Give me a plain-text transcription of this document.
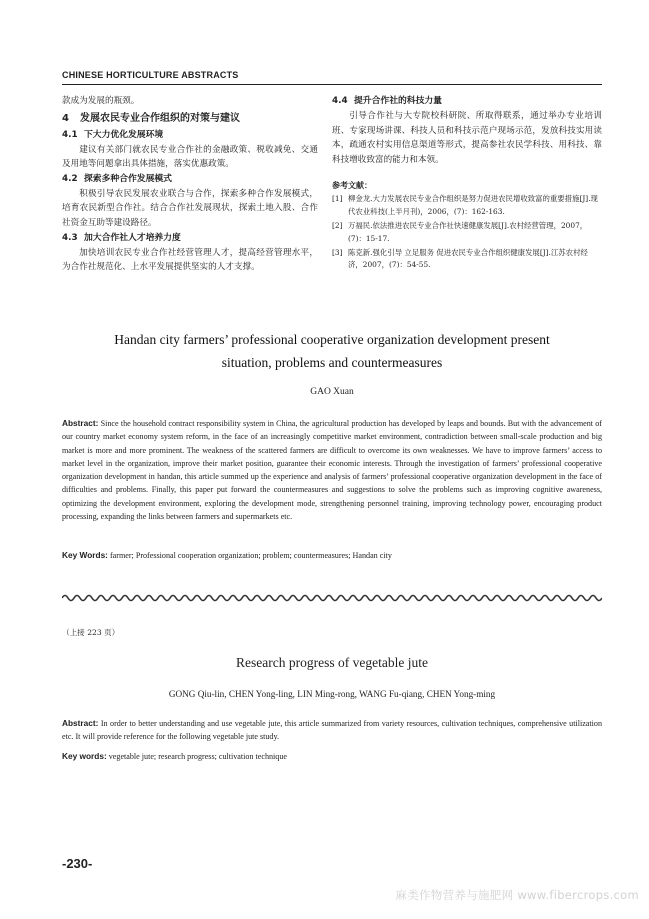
CHINESE HORTICULTURE ABSTRACTS

款成为发展的瓶颈。

4 发展农民专业合作组织的对策与建议
4.1 下大力优化发展环境

建议有关部门就农民专业合作社的金融政策、税收减免、交通及用地等问题拿出具体措施，落实优惠政策。

4.2 探索多种合作发展模式

积极引导农民发展农业联合与合作，探索多种合作发展模式，培育农民新型合作社。结合合作社发展现状，探索土地入股、合作社资金互助等建设路径。

4.3 加大合作社人才培养力度

加快培训农民专业合作社经营管理人才，提高经营管理水平，为合作社规范化、上水平发展提供坚实的人才支撑。

4.4 提升合作社的科技力量

引导合作社与大专院校科研院、所取得联系，通过举办专业培训班、专家现场讲课、科技人员和科技示范户现场示范，发放科技实用读本，疏通农村实用信息渠道等形式，提高参社农民学科技、用科技、靠科技增收致富的能力和本领。

参考文献：
[1] 柳金龙.大力发展农民专业合作组织是努力促进农民增收致富的重要措施[J].现代农业科技(上半月刊)，2006，(7)：162-163.
[2] 万福民.依法推进农民专业合作社快速健康发展[J].农村经营管理，2007，(7)：15-17.
[3] 陈克新.强化引导 立足服务 促进农民专业合作组织健康发展[J].江苏农村经济，2007，(7)：54-55.
Handan city farmers’ professional cooperative organization development present
situation, problems and countermeasures
GAO Xuan

Abstract: Since the household contract responsibility system in China, the agricultural production has developed by leaps and bounds. But with the advancement of our country market economy system reform, in the face of an increasingly competitive market environment, contradiction between small-scale production and big market is more and more prominent. The weakness of the scattered farmers are difficult to overcome its own weaknesses. We have to improve farmers’ access to market level in the organization, improve their market position, guarantee their economic interests. Through the investigation of farmers’ professional cooperative organization development in handan, this article summed up the experience and analysis of farmers’ professional cooperative organization development in the face of difficulties and problems. Finally, this paper put forward the countermeasures and suggestions to solve the problems such as improving cognitive awareness, optimizing the development environment, exploring the development mode, strengthening personnel training, improving technology power, encouraging product processing, expanding the links between farmers and supermarkets etc.

Key Words: farmer; Professional cooperation organization; problem; countermeasures; Handan city

（上接 223 页）
Research progress of vegetable jute
GONG Qiu-lin, CHEN Yong-ling, LIN Ming-rong, WANG Fu-qiang, CHEN Yong-ming

Abstract: In order to better understanding and use vegetable jute, this article summarized from variety resources, cultivation techniques, comprehensive utilization etc. It will provide reference for the following vegetable jute study.

Key words: vegetable jute; research progress; cultivation technique

-230-
麻类作物营养与施肥网 www.fibercrops.com
